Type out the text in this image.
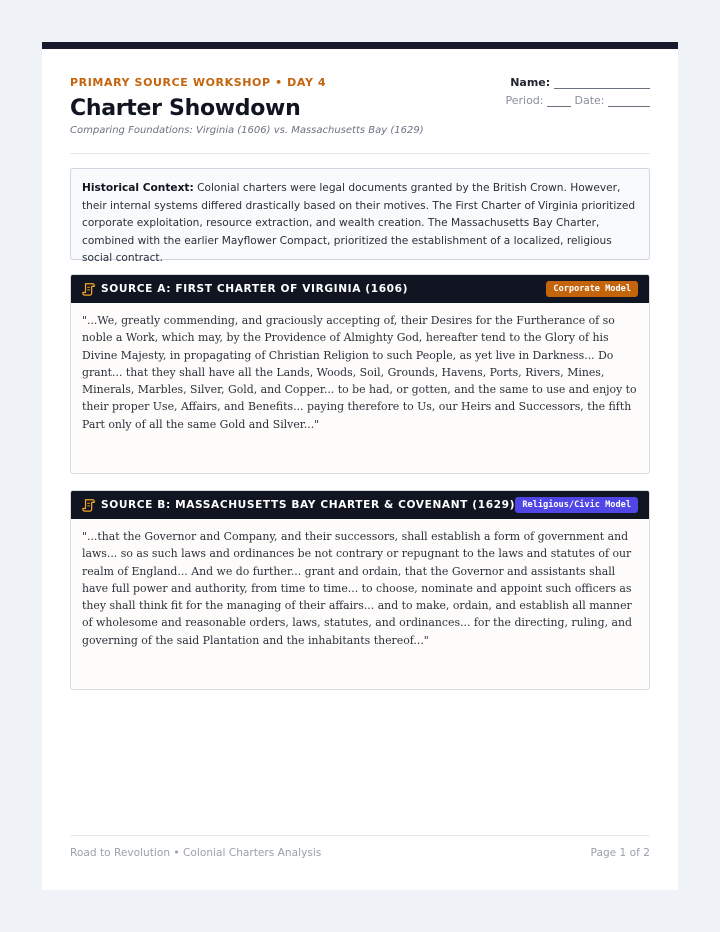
PRIMARY SOURCE WORKSHOP • DAY 4
Charter Showdown
Comparing Foundations: Virginia (1606) vs. Massachusetts Bay (1629)
Name:
Period:	Date:
Historical Context: Colonial charters were legal documents granted by the British Crown. However, their internal systems differed drastically based on their motives. The First Charter of Virginia prioritized corporate exploitation, resource extraction, and wealth creation. The Massachusetts Bay Charter, combined with the earlier Mayflower Compact, prioritized the establishment of a localized, religious social contract.
SOURCE A: FIRST CHARTER OF VIRGINIA (1606)	Corporate Model
"...We, greatly commending, and graciously accepting of, their Desires for the Furtherance of so noble a Work, which may, by the Providence of Almighty God, hereafter tend to the Glory of his Divine Majesty, in propagating of Christian Religion to such People, as yet live in Darkness... Do grant... that they shall have all the Lands, Woods, Soil, Grounds, Havens, Ports, Rivers, Mines, Minerals, Marbles, Silver, Gold, and Copper... to be had, or gotten, and the same to use and enjoy to their proper Use, Affairs, and Benefits... paying therefore to Us, our Heirs and Successors, the fifth Part only of all the same Gold and Silver..."
SOURCE B: MASSACHUSETTS BAY CHARTER & COVENANT (1629) Religious/Civic Model
"...that the Governor and Company, and their successors, shall establish a form of government and laws... so as such laws and ordinances be not contrary or repugnant to the laws and statutes of our realm of England... And we do further... grant and ordain, that the Governor and assistants shall have full power and authority, from time to time... to choose, nominate and appoint such officers as they shall think fit for the managing of their affairs... and to make, ordain, and establish all manner of wholesome and reasonable orders, laws, statutes, and ordinances... for the directing, ruling, and governing of the said Plantation and the inhabitants thereof..."
Road to Revolution • Colonial Charters Analysis	Page 1 of 2
